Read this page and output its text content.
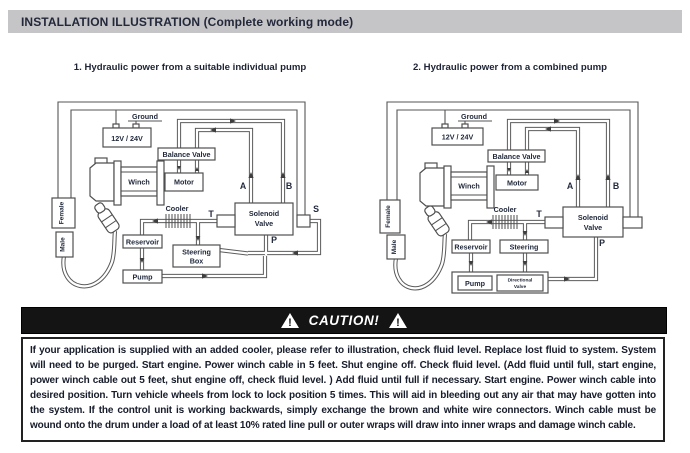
INSTALLATION ILLUSTRATION (Complete working mode)
1. Hydraulic power from a suitable individual pump	2. Hydraulic power from a combined pump
Ground
12V / 24V
Balance Valve
Winch	Motor	A	B
Solenoid
Valve
Cooler
T	S
P
Reservoir
Steering
Box
Pump
Female
Male
Ground
12V / 24V
Balance Valve
Winch	Motor	A	B
Solenoid
Valve
Cooler T
P
Reservoir	Steering
Pump	Directional
Valve
Female
Male
! CAUTION! !

If your application is supplied with an added cooler, please refer to illustration, check fluid level. Replace lost fluid to system. System will need to be purged. Start engine. Power winch cable in 5 feet. Shut engine off. Check fluid level. (Add fluid until full, start engine, power winch cable out 5 feet, shut engine off, check fluid level. ) Add fluid until full if necessary. Start engine. Power winch cable into desired position. Turn vehicle wheels from lock to lock position 5 times. This will aid in bleeding out any air that may have gotten into the system. If the control unit is working backwards, simply exchange the brown and white wire connectors. Winch cable must be wound onto the drum under a load of at least 10% rated line pull or outer wraps will draw into inner wraps and damage winch cable.
